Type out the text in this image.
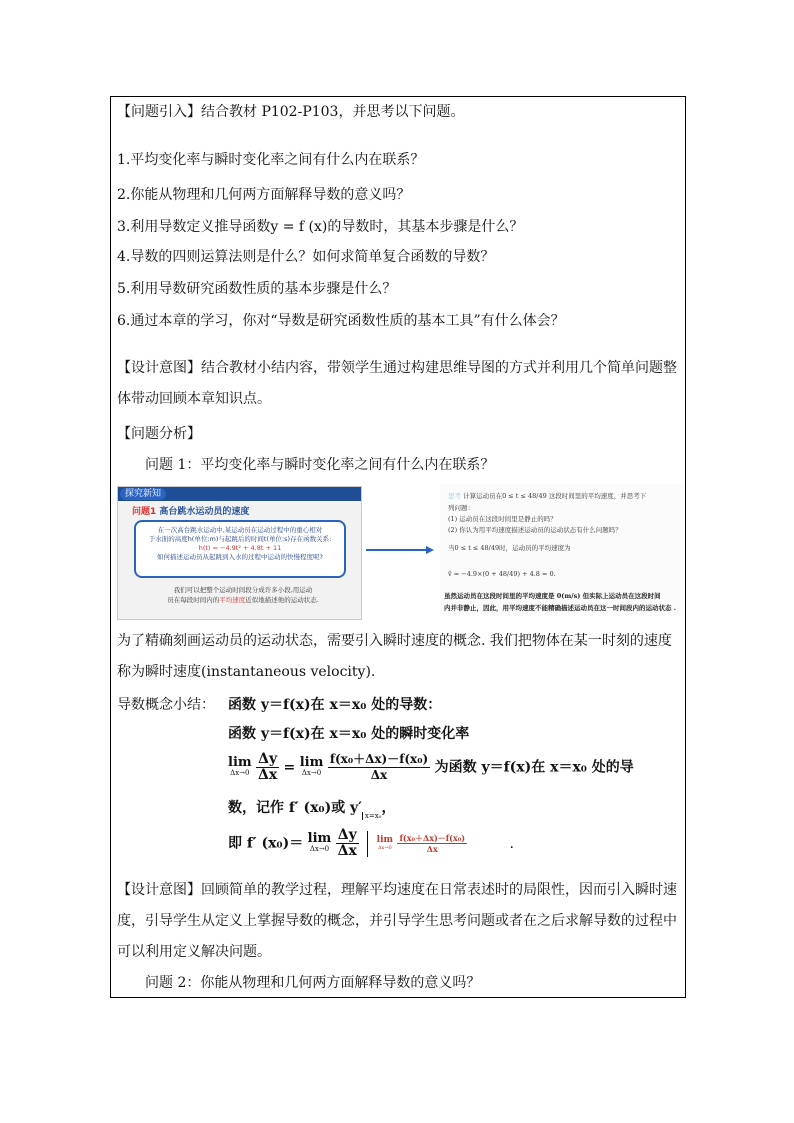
【问题引入】结合教材 P102-P103，并思考以下问题。
1.平均变化率与瞬时变化率之间有什么内在联系？
2.你能从物理和几何两方面解释导数的意义吗？
3.利用导数定义推导函数y = f (x)的导数时，其基本步骤是什么？
4.导数的四则运算法则是什么？如何求简单复合函数的导数？
5.利用导数研究函数性质的基本步骤是什么？
6.通过本章的学习，你对“导数是研究函数性质的基本工具”有什么体会？
【设计意图】结合教材小结内容，带领学生通过构建思维导图的方式并利用几个简单问题整
体带动回顾本章知识点。
【问题分析】
问题 1：平均变化率与瞬时变化率之间有什么内在联系？
探究新知
问题1 高台跳水运动员的速度
在一次高台跳水运动中,某运动员在运动过程中的重心相对
于水面的高度h(单位:m)与起跳后的时间t(单位:s)存在函数关系:
h(t) = −4.9t² + 4.8t + 11
如何描述运动员从起跳到入水的过程中运动的快慢程度呢?
我们可以把整个运动时间段分成许多小段,用运动
员在每段时间内的平均速度近似地描述他的运动状态.
思考 计算运动员在0 ≤ t ≤ 48/49 这段时间里的平均速度，并思考下
列问题：
(1) 运动员在这段时间里是静止的吗？
(2) 你认为用平均速度描述运动员的运动状态有什么问题吗？
当0 ≤ t ≤ 48/49时，运动员的平均速度为
v̄ = −4.9×(0 + 48/49) + 4.8 = 0.
虽然运动员在这段时间里的平均速度是 0(m/s) 但实际上运动员在这段时间
内并非静止，因此，用平均速度不能精确描述运动员在这一时间段内的运动状态 .
为了精确刻画运动员的运动状态，需要引入瞬时速度的概念. 我们把物体在某一时刻的速度
称为瞬时速度(instantaneous velocity).
导数概念小结： 函数 y＝f(x)在 x＝x₀ 处的导数：
函数 y＝f(x)在 x＝x₀ 处的瞬时变化率
lim
Δx→0
$\frac{\Delta y}{\Delta x} = \lim$
Δx→0
$\frac{\text{f(x₀＋Δx)－f(x₀)}}{\Delta x}$ 为函数 y＝f(x)在 x＝x₀ 处的导
数，记作 f′ (x₀)或 y′ $_{x=x_0}$，
即 f′ (x₀)＝ lim
Δx→0
$\frac{\Delta y}{\Delta x}$
lim
Δx→0
$\frac{\text{f(x₀＋Δx)－f(x₀)}}{\Delta x}$	.
【设计意图】回顾简单的教学过程，理解平均速度在日常表述时的局限性，因而引入瞬时速
度，引导学生从定义上掌握导数的概念，并引导学生思考问题或者在之后求解导数的过程中
可以利用定义解决问题。
问题 2：你能从物理和几何两方面解释导数的意义吗？
